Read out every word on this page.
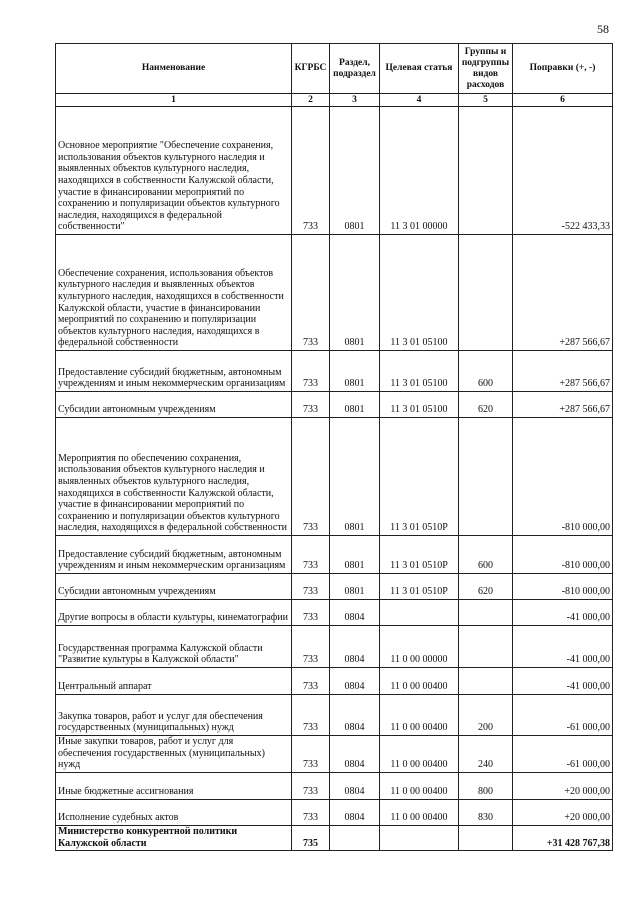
58
Наименование	КГРБС	Раздел, подраздел	Целевая статья	Группы и подгруппы видов расходов	Поправки (+, -)
1	2	3	4	5	6
Основное мероприятие "Обеспечение сохранения, использования объектов культурного наследия и выявленных объектов культурного наследия, находящихся в собственности Калужской области, участие в финансировании мероприятий по сохранению и популяризации объектов культурного наследия, находящихся в федеральной собственности"	733	0801	11 3 01 00000		-522 433,33
Обеспечение сохранения, использования объектов культурного наследия и выявленных объектов культурного наследия, находящихся в собственности Калужской области, участие в финансировании мероприятий по сохранению и популяризации объектов культурного наследия, находящихся в федеральной собственности	733	0801	11 3 01 05100		+287 566,67
Предоставление субсидий бюджетным, автономным учреждениям и иным некоммерческим организациям	733	0801	11 3 01 05100	600	+287 566,67
Субсидии автономным учреждениям	733	0801	11 3 01 05100	620	+287 566,67
Мероприятия по обеспечению сохранения, использования объектов культурного наследия и выявленных объектов культурного наследия, находящихся в собственности Калужской области, участие в финансировании мероприятий по сохранению и популяризации объектов культурного наследия, находящихся в федеральной собственности	733	0801	11 3 01 0510Р		-810 000,00
Предоставление субсидий бюджетным, автономным учреждениям и иным некоммерческим организациям	733	0801	11 3 01 0510Р	600	-810 000,00
Субсидии автономным учреждениям	733	0801	11 3 01 0510Р	620	-810 000,00
Другие вопросы в области культуры, кинематографии	733	0804			-41 000,00
Государственная программа Калужской области "Развитие культуры в Калужской области"	733	0804	11 0 00 00000		-41 000,00
Центральный аппарат	733	0804	11 0 00 00400		-41 000,00
Закупка товаров, работ и услуг для обеспечения государственных (муниципальных) нужд	733	0804	11 0 00 00400	200	-61 000,00
Иные закупки товаров, работ и услуг для обеспечения государственных (муниципальных) нужд	733	0804	11 0 00 00400	240	-61 000,00
Иные бюджетные ассигнования	733	0804	11 0 00 00400	800	+20 000,00
Исполнение судебных актов	733	0804	11 0 00 00400	830	+20 000,00
Министерство конкурентной политики Калужской области	735				+31 428 767,38
